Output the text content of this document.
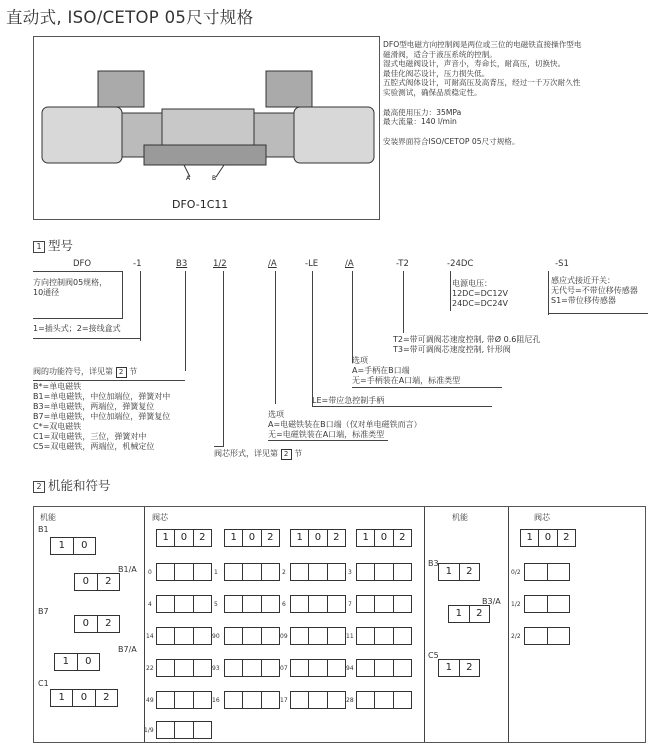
直动式, ISO/CETOP 05尺寸规格
A	B
DFO-1C11

DFO型电磁方向控制阀是两位或三位的电磁铁直接操作型电磁滑阀，适合于液压系统的控制。

湿式电磁阀设计，声音小，寿命长，耐高压，切换快。

最佳化阀芯设计，压力损失低。

五腔式阀体设计，可耐高压及高背压，经过一千万次耐久性实验测试，确保品质稳定性。

最高使用压力：35MPa

最大流量：140 l/min

安装界面符合ISO/CETOP 05尺寸规格。

1 型号
DFO	-1	B3	1/2	/A	-LE	/A	-T2	-24DC	-S1
方向控制阀05规格，
10通径
1=插头式；2=接线盒式
阀的功能符号，详见第 2 节
B*=单电磁铁
B1=单电磁铁，中位加端位，弹簧对中
B3=单电磁铁，两端位，弹簧复位
B7=单电磁铁，中位加端位，弹簧复位
C*=双电磁铁
C1=双电磁铁，三位，弹簧对中
C5=双电磁铁，两端位，机械定位
阀芯形式，详见第 2 节
选项
A=电磁铁装在B口端（仅对单电磁铁而言）
无=电磁铁装在A口端，标准类型
LE=带应急控制手柄
选项
A=手柄在B口端
无=手柄装在A口端，标准类型
T2=带可调阀芯速度控制, 带Ø 0.6阻尼孔
T3=带可调阀芯速度控制, 针形阀
电源电压：
12DC=DC12V
24DC=DC24V
感应式接近开关：
无代号=不带位移传感器
S1=带位移传感器
2 机能和符号
机能	阀芯	机能	阀芯
B1
1	0
B1/A
0	2
B7
0	2
B7/A
1	0
C1
1	0	2
1	0	2	1	0	2	1	0	2	1	0	2
0	1	2	3
4	5	6	7
14	90	09	11
22	93	07	94
49	16	17	28
1/9
B3
1	2
B3/A
1	2
C5
1	2
1	0	2
0/2
1/2
2/2
